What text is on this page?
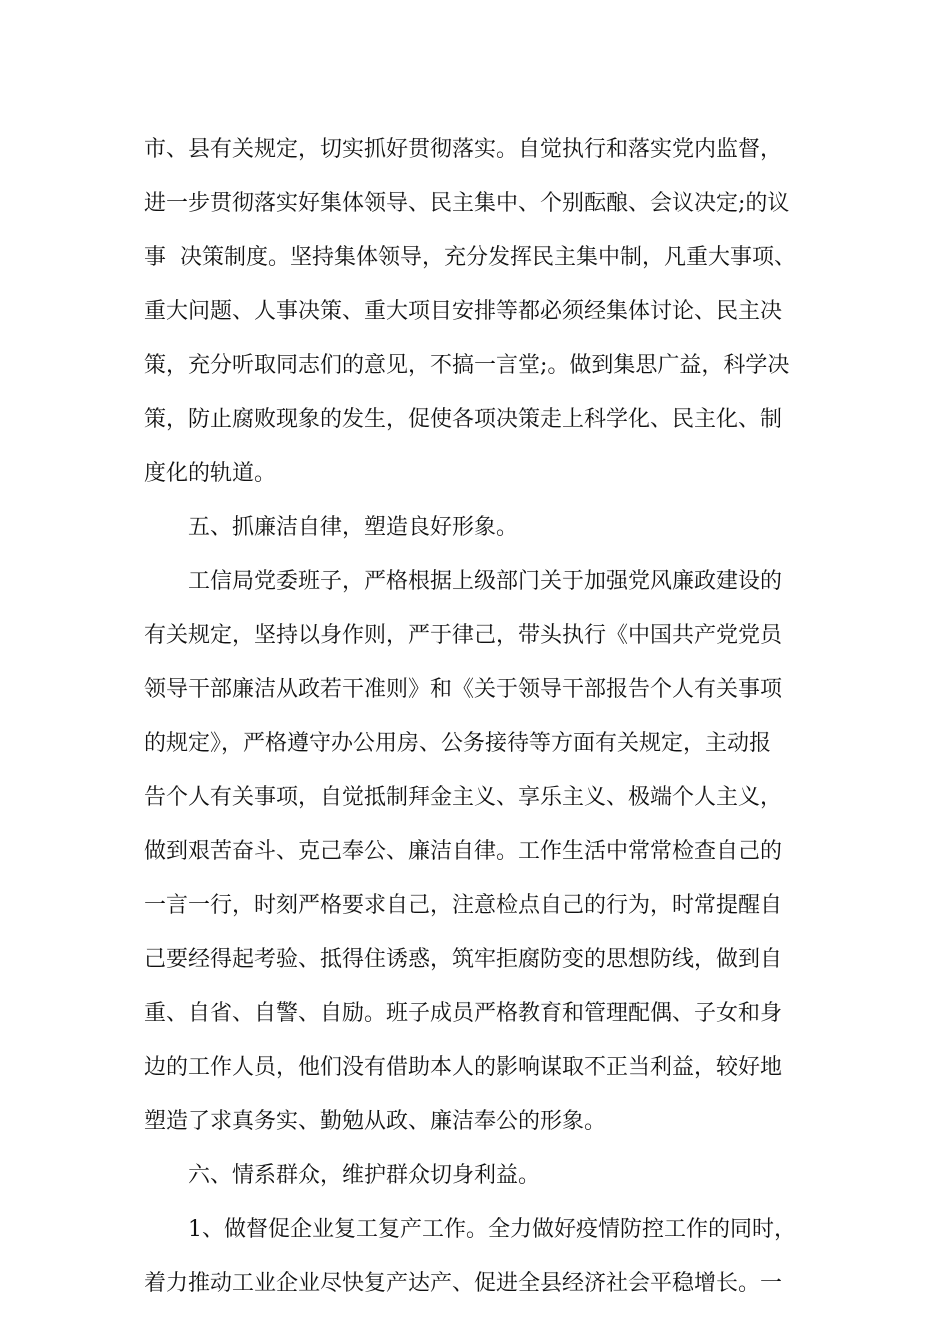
市、县有关规定，切实抓好贯彻落实。自觉执行和落实党内监督，
进一步贯彻落实好集体领导、民主集中、个别酝酿、会议决定;的议
事  决策制度。坚持集体领导，充分发挥民主集中制，凡重大事项、
重大问题、人事决策、重大项目安排等都必须经集体讨论、民主决
策，充分听取同志们的意见，不搞一言堂;。做到集思广益，科学决
策，防止腐败现象的发生，促使各项决策走上科学化、民主化、制
度化的轨道。
五、抓廉洁自律，塑造良好形象。
工信局党委班子，严格根据上级部门关于加强党风廉政建设的
有关规定，坚持以身作则，严于律己，带头执行《中国共产党党员
领导干部廉洁从政若干准则》和《关于领导干部报告个人有关事项
的规定》，严格遵守办公用房、公务接待等方面有关规定，主动报
告个人有关事项，自觉抵制拜金主义、享乐主义、极端个人主义，
做到艰苦奋斗、克己奉公、廉洁自律。工作生活中常常检查自己的
一言一行，时刻严格要求自己，注意检点自己的行为，时常提醒自
己要经得起考验、抵得住诱惑，筑牢拒腐防变的思想防线，做到自
重、自省、自警、自励。班子成员严格教育和管理配偶、子女和身
边的工作人员，他们没有借助本人的影响谋取不正当利益，较好地
塑造了求真务实、勤勉从政、廉洁奉公的形象。
六、情系群众，维护群众切身利益。
1、做督促企业复工复产工作。全力做好疫情防控工作的同时，
着力推动工业企业尽快复产达产、促进全县经济社会平稳增长。一
